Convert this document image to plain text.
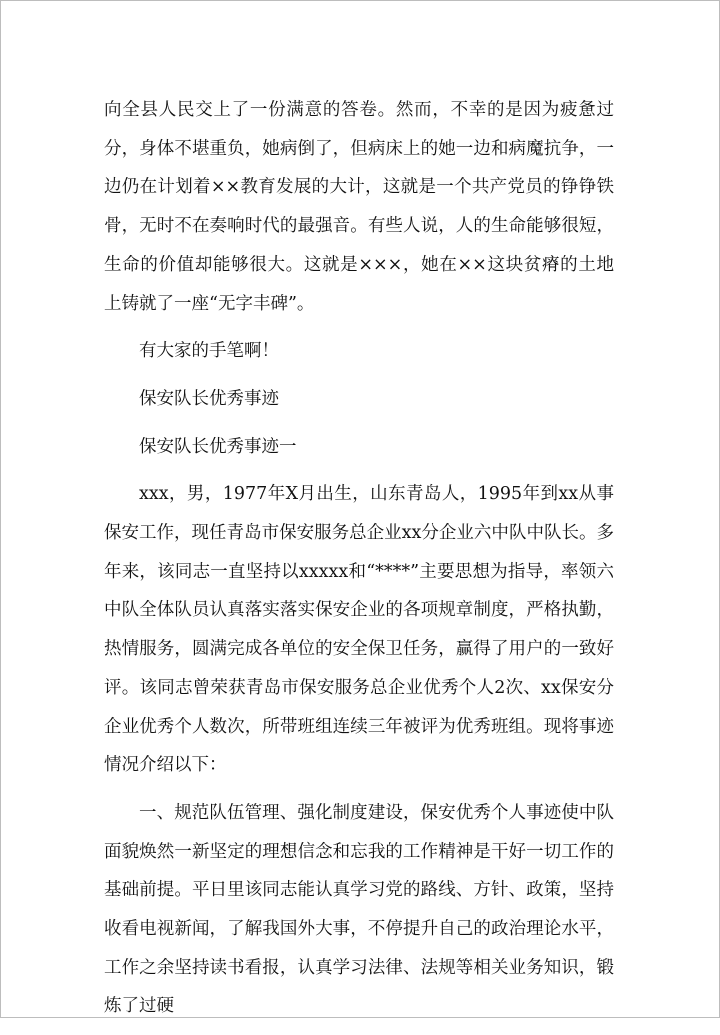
向全县人民交上了一份满意的答卷。然而，不幸的是因为疲惫过分，身体不堪重负，她病倒了，但病床上的她一边和病魔抗争，一边仍在计划着××教育发展的大计，这就是一个共产党员的铮铮铁骨，无时不在奏响时代的最强音。有些人说，人的生命能够很短，生命的价值却能够很大。这就是×××，她在××这块贫瘠的土地上铸就了一座“无字丰碑”。

有大家的手笔啊！

保安队长优秀事迹

保安队长优秀事迹一

xxx，男，1977年X月出生，山东青岛人，1995年到xx从事保安工作，现任青岛市保安服务总企业xx分企业六中队中队长。多年来，该同志一直坚持以xxxxx和“****”主要思想为指导，率领六中队全体队员认真落实落实保安企业的各项规章制度，严格执勤，热情服务，圆满完成各单位的安全保卫任务，赢得了用户的一致好评。该同志曾荣获青岛市保安服务总企业优秀个人2次、xx保安分企业优秀个人数次，所带班组连续三年被评为优秀班组。现将事迹情况介绍以下：

一、规范队伍管理、强化制度建设，保安优秀个人事迹使中队面貌焕然一新坚定的理想信念和忘我的工作精神是干好一切工作的基础前提。平日里该同志能认真学习党的路线、方针、政策，坚持收看电视新闻，了解我国外大事，不停提升自己的政治理论水平，工作之余坚持读书看报，认真学习法律、法规等相关业务知识，锻炼了过硬
